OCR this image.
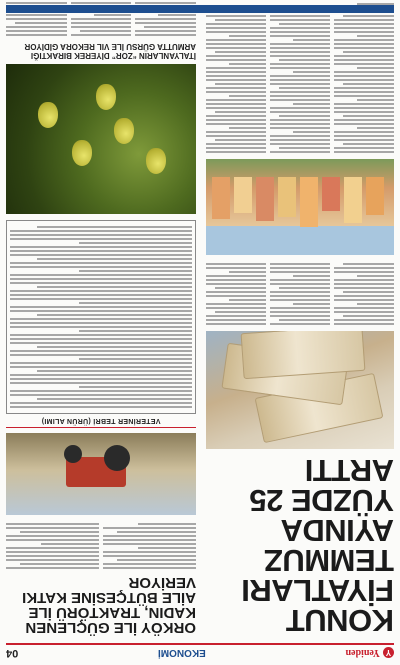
Y
Yeniden
EKONOMİ
04
KONUT FİYATLARI TEMMUZ AYINDA YÜZDE 25 ARTTI
ORKÖY İLE GÜÇLENEN KADIN, TRAKTÖRÜ İLE AİLE BÜTÇESİNE KATKI VERİYOR
VETERİNER TEBRİ (ÜRÜN ALIMI)
İTALYANLARIN “ZOR” DİYEREK BIRAKTIĞI ARMUTTA GÜRSU İLE VIL REKORA GİDİYOR
